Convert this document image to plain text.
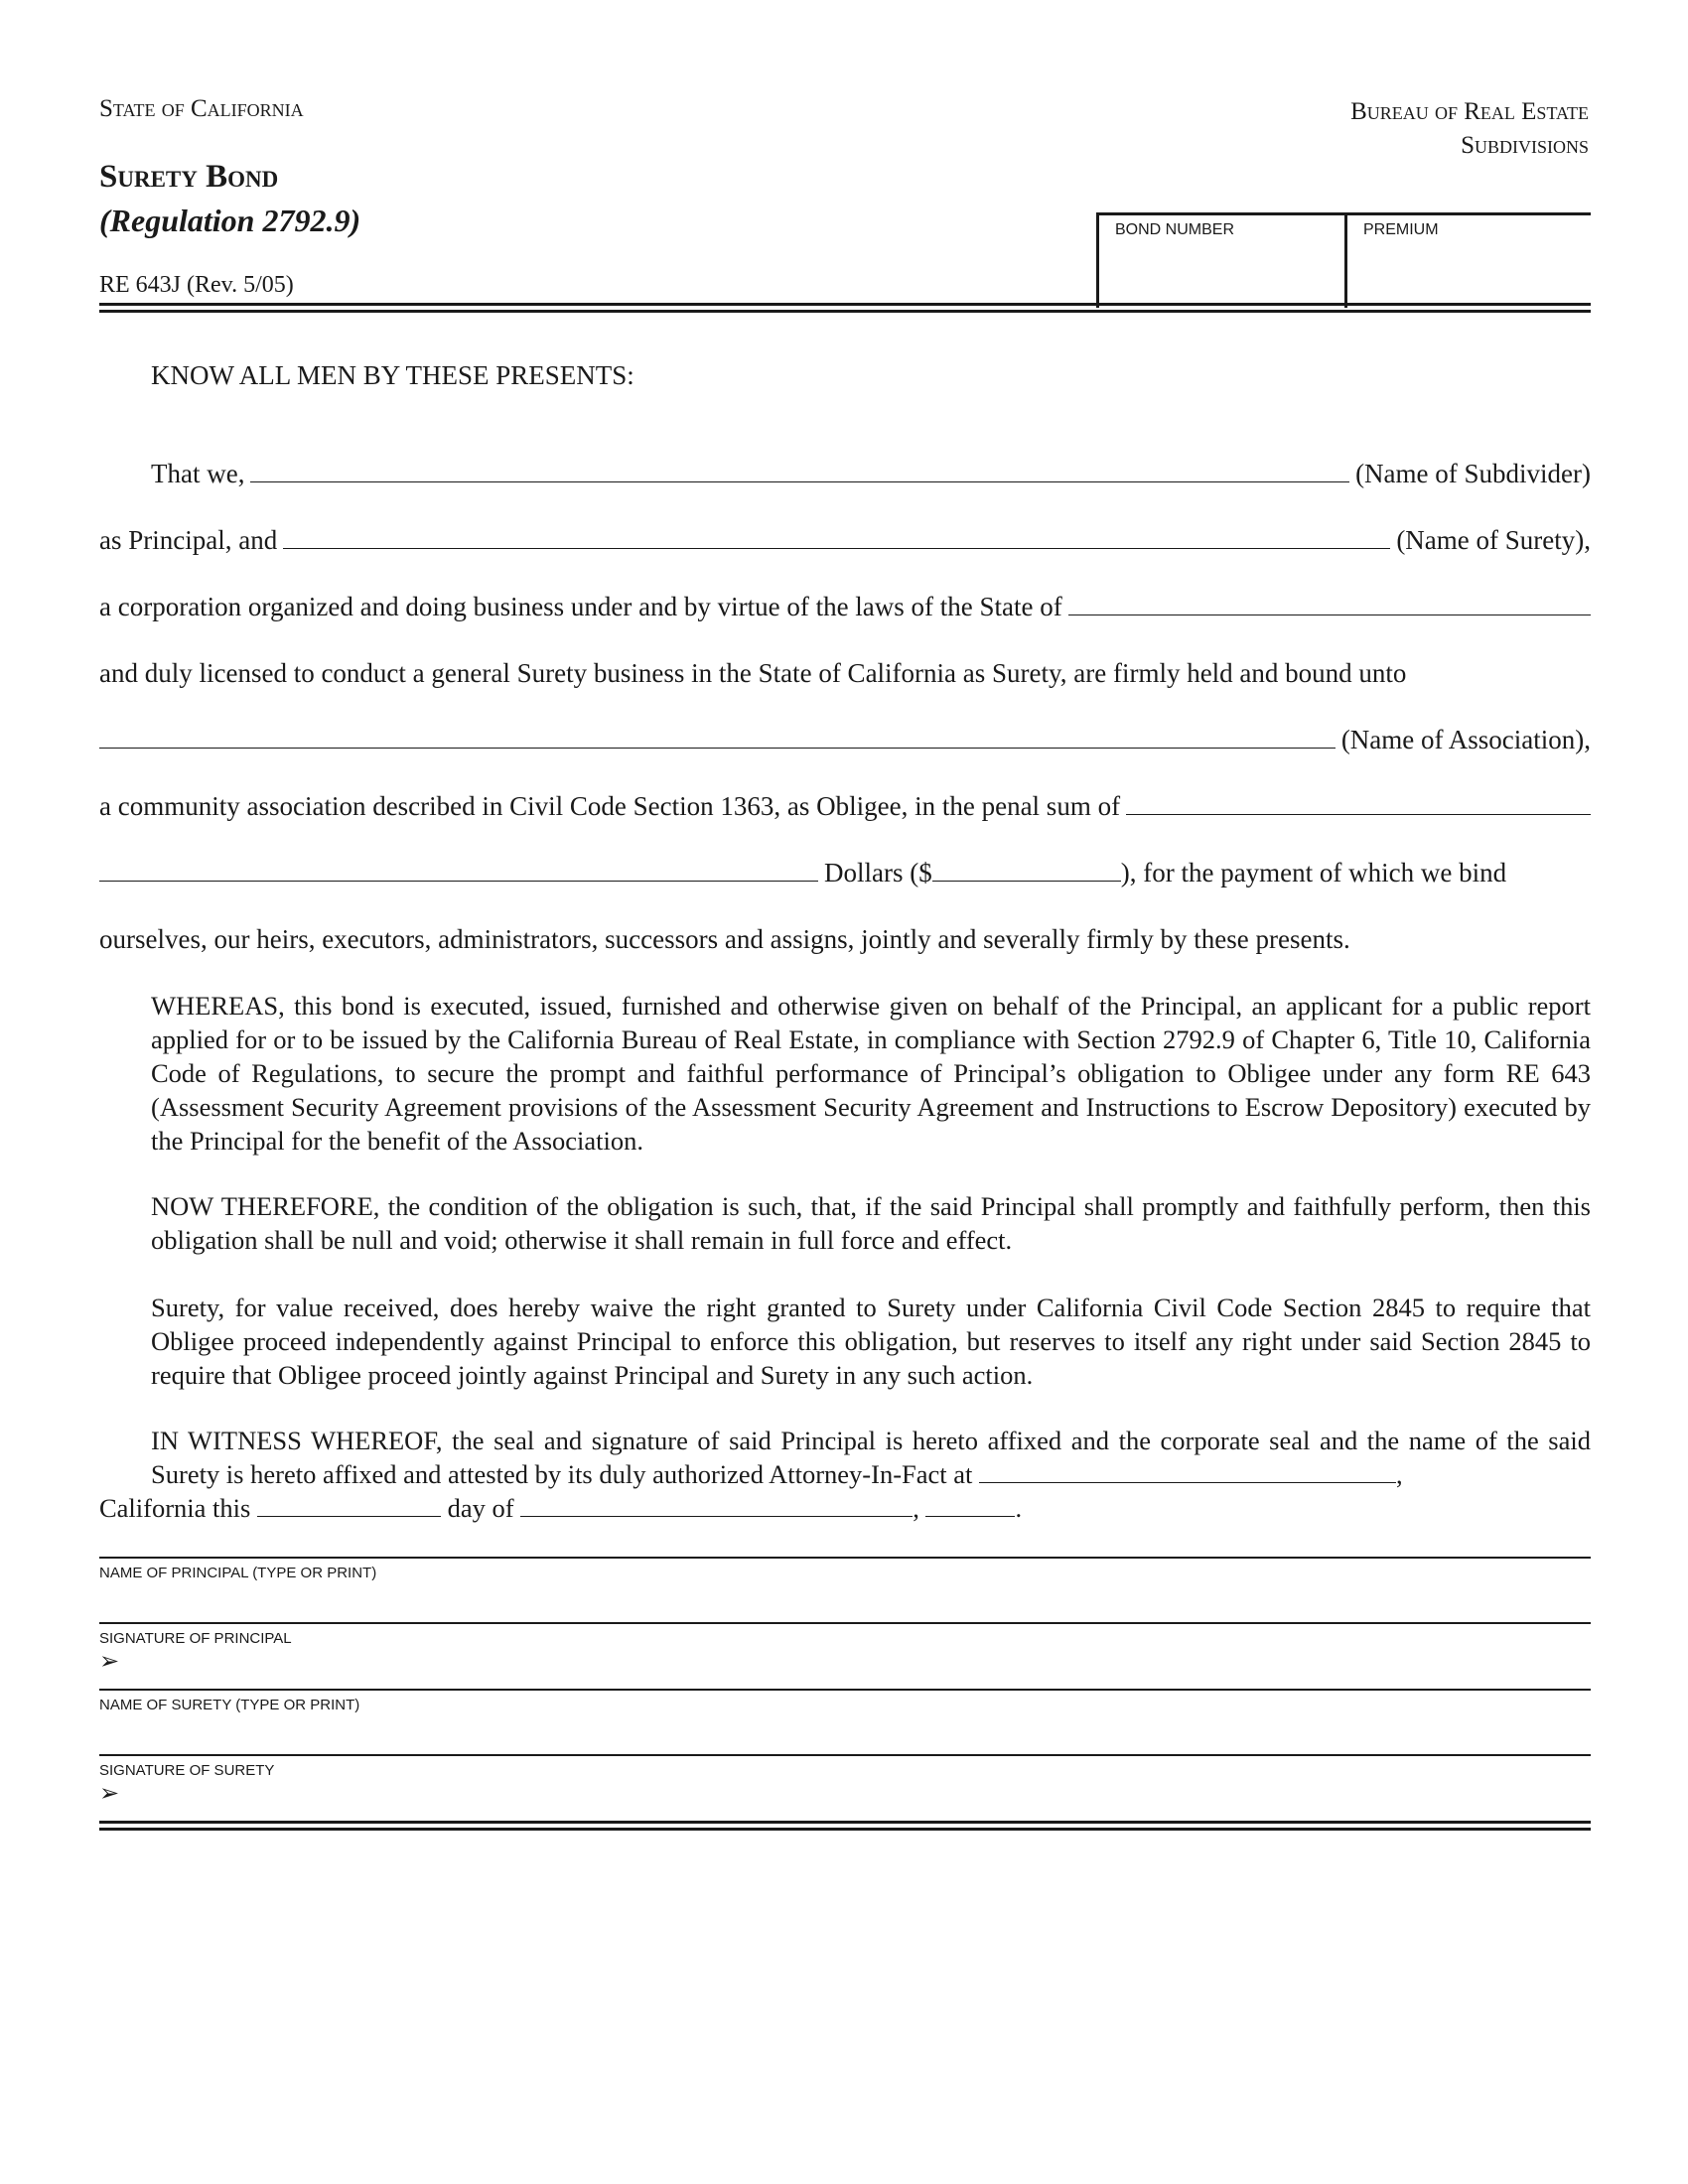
State of California	Bureau of Real Estate
Subdivisions
Surety Bond
(Regulation 2792.9)
RE 643J (Rev. 5/05)
BOND NUMBER	PREMIUM
KNOW ALL MEN BY THESE PRESENTS:
That we,	(Name of Subdivider)
as Principal, and	(Name of Surety),
a corporation organized and doing business under and by virtue of the laws of the State of
and duly licensed to conduct a general Surety business in the State of California as Surety, are firmly held and bound unto
(Name of Association),
a community association described in Civil Code Section 1363, as Obligee, in the penal sum of
Dollars ($	), for the payment of which we bind
ourselves, our heirs, executors, administrators, successors and assigns, jointly and severally firmly by these presents.
WHEREAS, this bond is executed, issued, furnished and otherwise given on behalf of the Principal, an applicant for a public report applied for or to be issued by the California Bureau of Real Estate, in compliance with Section 2792.9 of Chapter 6, Title 10, California Code of Regulations, to secure the prompt and faithful performance of Principal’s obligation to Obligee under any form RE 643 (Assessment Security Agreement provisions of the Assessment Security Agreement and Instructions to Escrow Depository) executed by the Principal for the benefit of the Association.
NOW THEREFORE, the condition of the obligation is such, that, if the said Principal shall promptly and faithfully perform, then this obligation shall be null and void; otherwise it shall remain in full force and effect.
Surety, for value received, does hereby waive the right granted to Surety under California Civil Code Section 2845 to require that Obligee proceed independently against Principal to enforce this obligation, but reserves to itself any right under said Section 2845 to require that Obligee proceed jointly against Principal and Surety in any such action.
IN WITNESS WHEREOF, the seal and signature of said Principal is hereto affixed and the corporate seal and the name of the said Surety is hereto affixed and attested by its duly authorized Attorney-In-Fact at	,
California this	day of	,	.
NAME OF PRINCIPAL (TYPE OR PRINT)
SIGNATURE OF PRINCIPAL
➢
NAME OF SURETY (TYPE OR PRINT)
SIGNATURE OF SURETY
➢
